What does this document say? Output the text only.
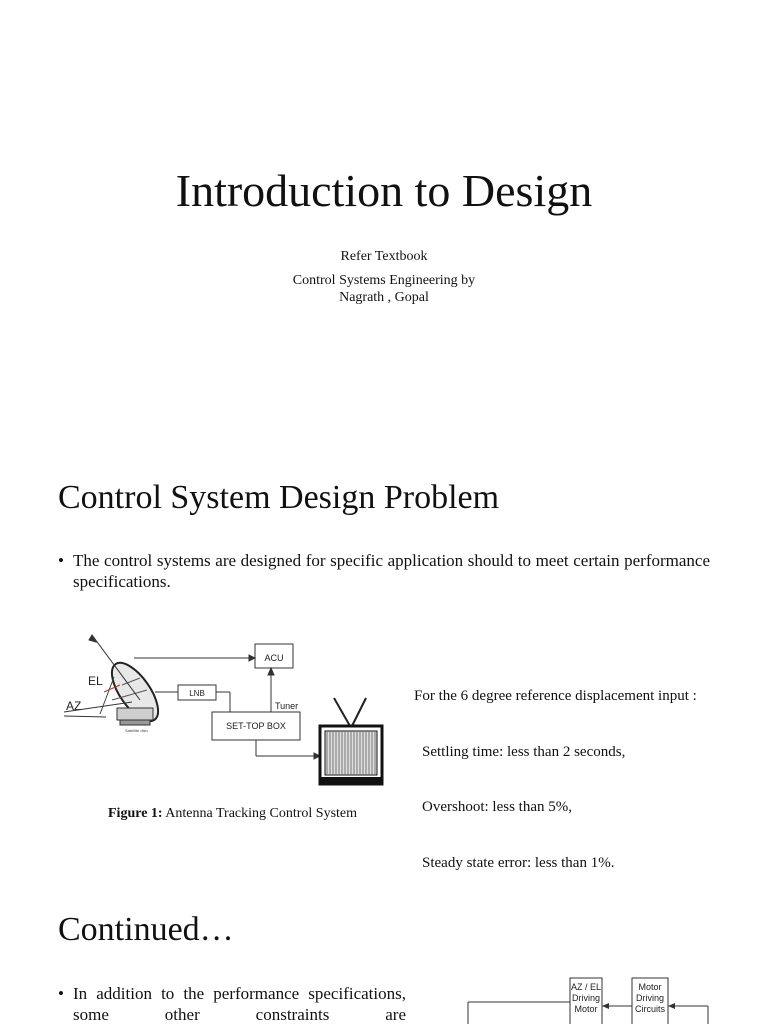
Introduction to Design
Refer Textbook
Control Systems Engineering by
Nagrath , Gopal
Control System Design Problem
• The control systems are designed for specific application should to meet certain performance specifications.
EL
AZ
ACU
LNB
Tuner
SET-TOP BOX
Satellite dish

For the 6 degree reference displacement input :

Settling time: less than 2 seconds,

Overshoot: less than 5%,

Steady state error: less than 1%.

Figure 1: Antenna Tracking Control System
Continued…
• In addition to the performance specifications, some other constraints are
AZ / EL
Driving
Motor
Motor
Driving
Circuits
